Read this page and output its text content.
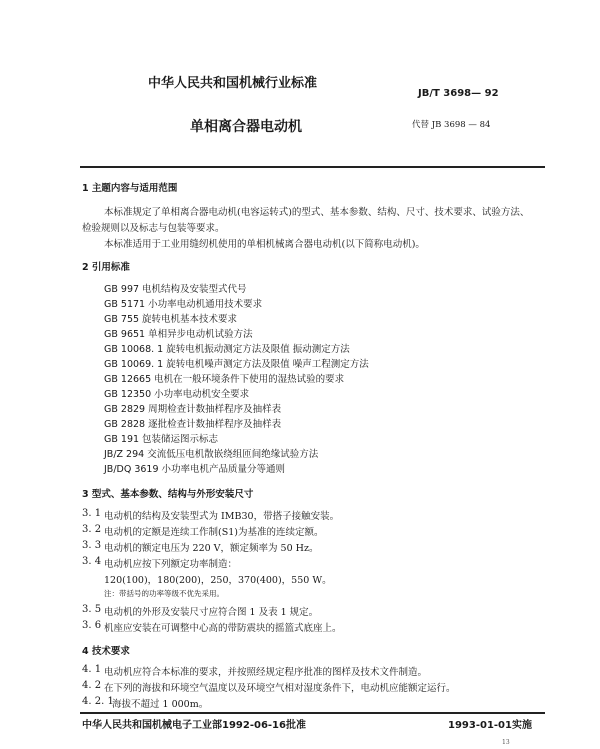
中华人民共和国机械行业标准
JB/T 3698— 92
单相离合器电动机	代替 JB 3698 — 84
1 主题内容与适用范围
本标准规定了单相离合器电动机(电容运转式)的型式、基本参数、结构、尺寸、技术要求、试验方法、
检验规则以及标志与包装等要求。
本标准适用于工业用缝纫机使用的单相机械离合器电动机(以下简称电动机)。
2 引用标准
GB 997 电机结构及安装型式代号
GB 5171 小功率电动机通用技术要求
GB 755 旋转电机基本技术要求
GB 9651 单相异步电动机试验方法
GB 10068. 1 旋转电机振动测定方法及限值 振动测定方法
GB 10069. 1 旋转电机噪声测定方法及限值 噪声工程测定方法
GB 12665 电机在一般环境条件下使用的湿热试验的要求
GB 12350 小功率电动机安全要求
GB 2829 周期检查计数抽样程序及抽样表
GB 2828 逐批检查计数抽样程序及抽样表
GB 191 包装储运图示标志
JB/Z 294 交流低压电机散嵌绕组匝间绝缘试验方法
JB/DQ 3619 小功率电机产品质量分等通则
3 型式、基本参数、结构与外形安装尺寸
3. 1 电动机的结构及安装型式为 IMB30，带搭子接触安装。
3. 2 电动机的定额是连续工作制(S1)为基准的连续定额。
3. 3 电动机的额定电压为 220 V，额定频率为 50 Hz。
3. 4 电动机应按下列额定功率制造：
120(100)，180(200)，250，370(400)，550 W。
注：带括号的功率等级不优先采用。
3. 5 电动机的外形及安装尺寸应符合图 1 及表 1 规定。
3. 6 机座应安装在可调整中心高的带防震块的摇篮式底座上。
4 技术要求
4. 1 电动机应符合本标准的要求，并按照经规定程序批准的图样及技术文件制造。
4. 2 在下列的海拔和环境空气温度以及环境空气相对湿度条件下，电动机应能额定运行。
4. 2. 1
海拔不超过 1 000m。
中华人民共和国机械电子工业部1992-06-16批准	1993-01-01实施
13
